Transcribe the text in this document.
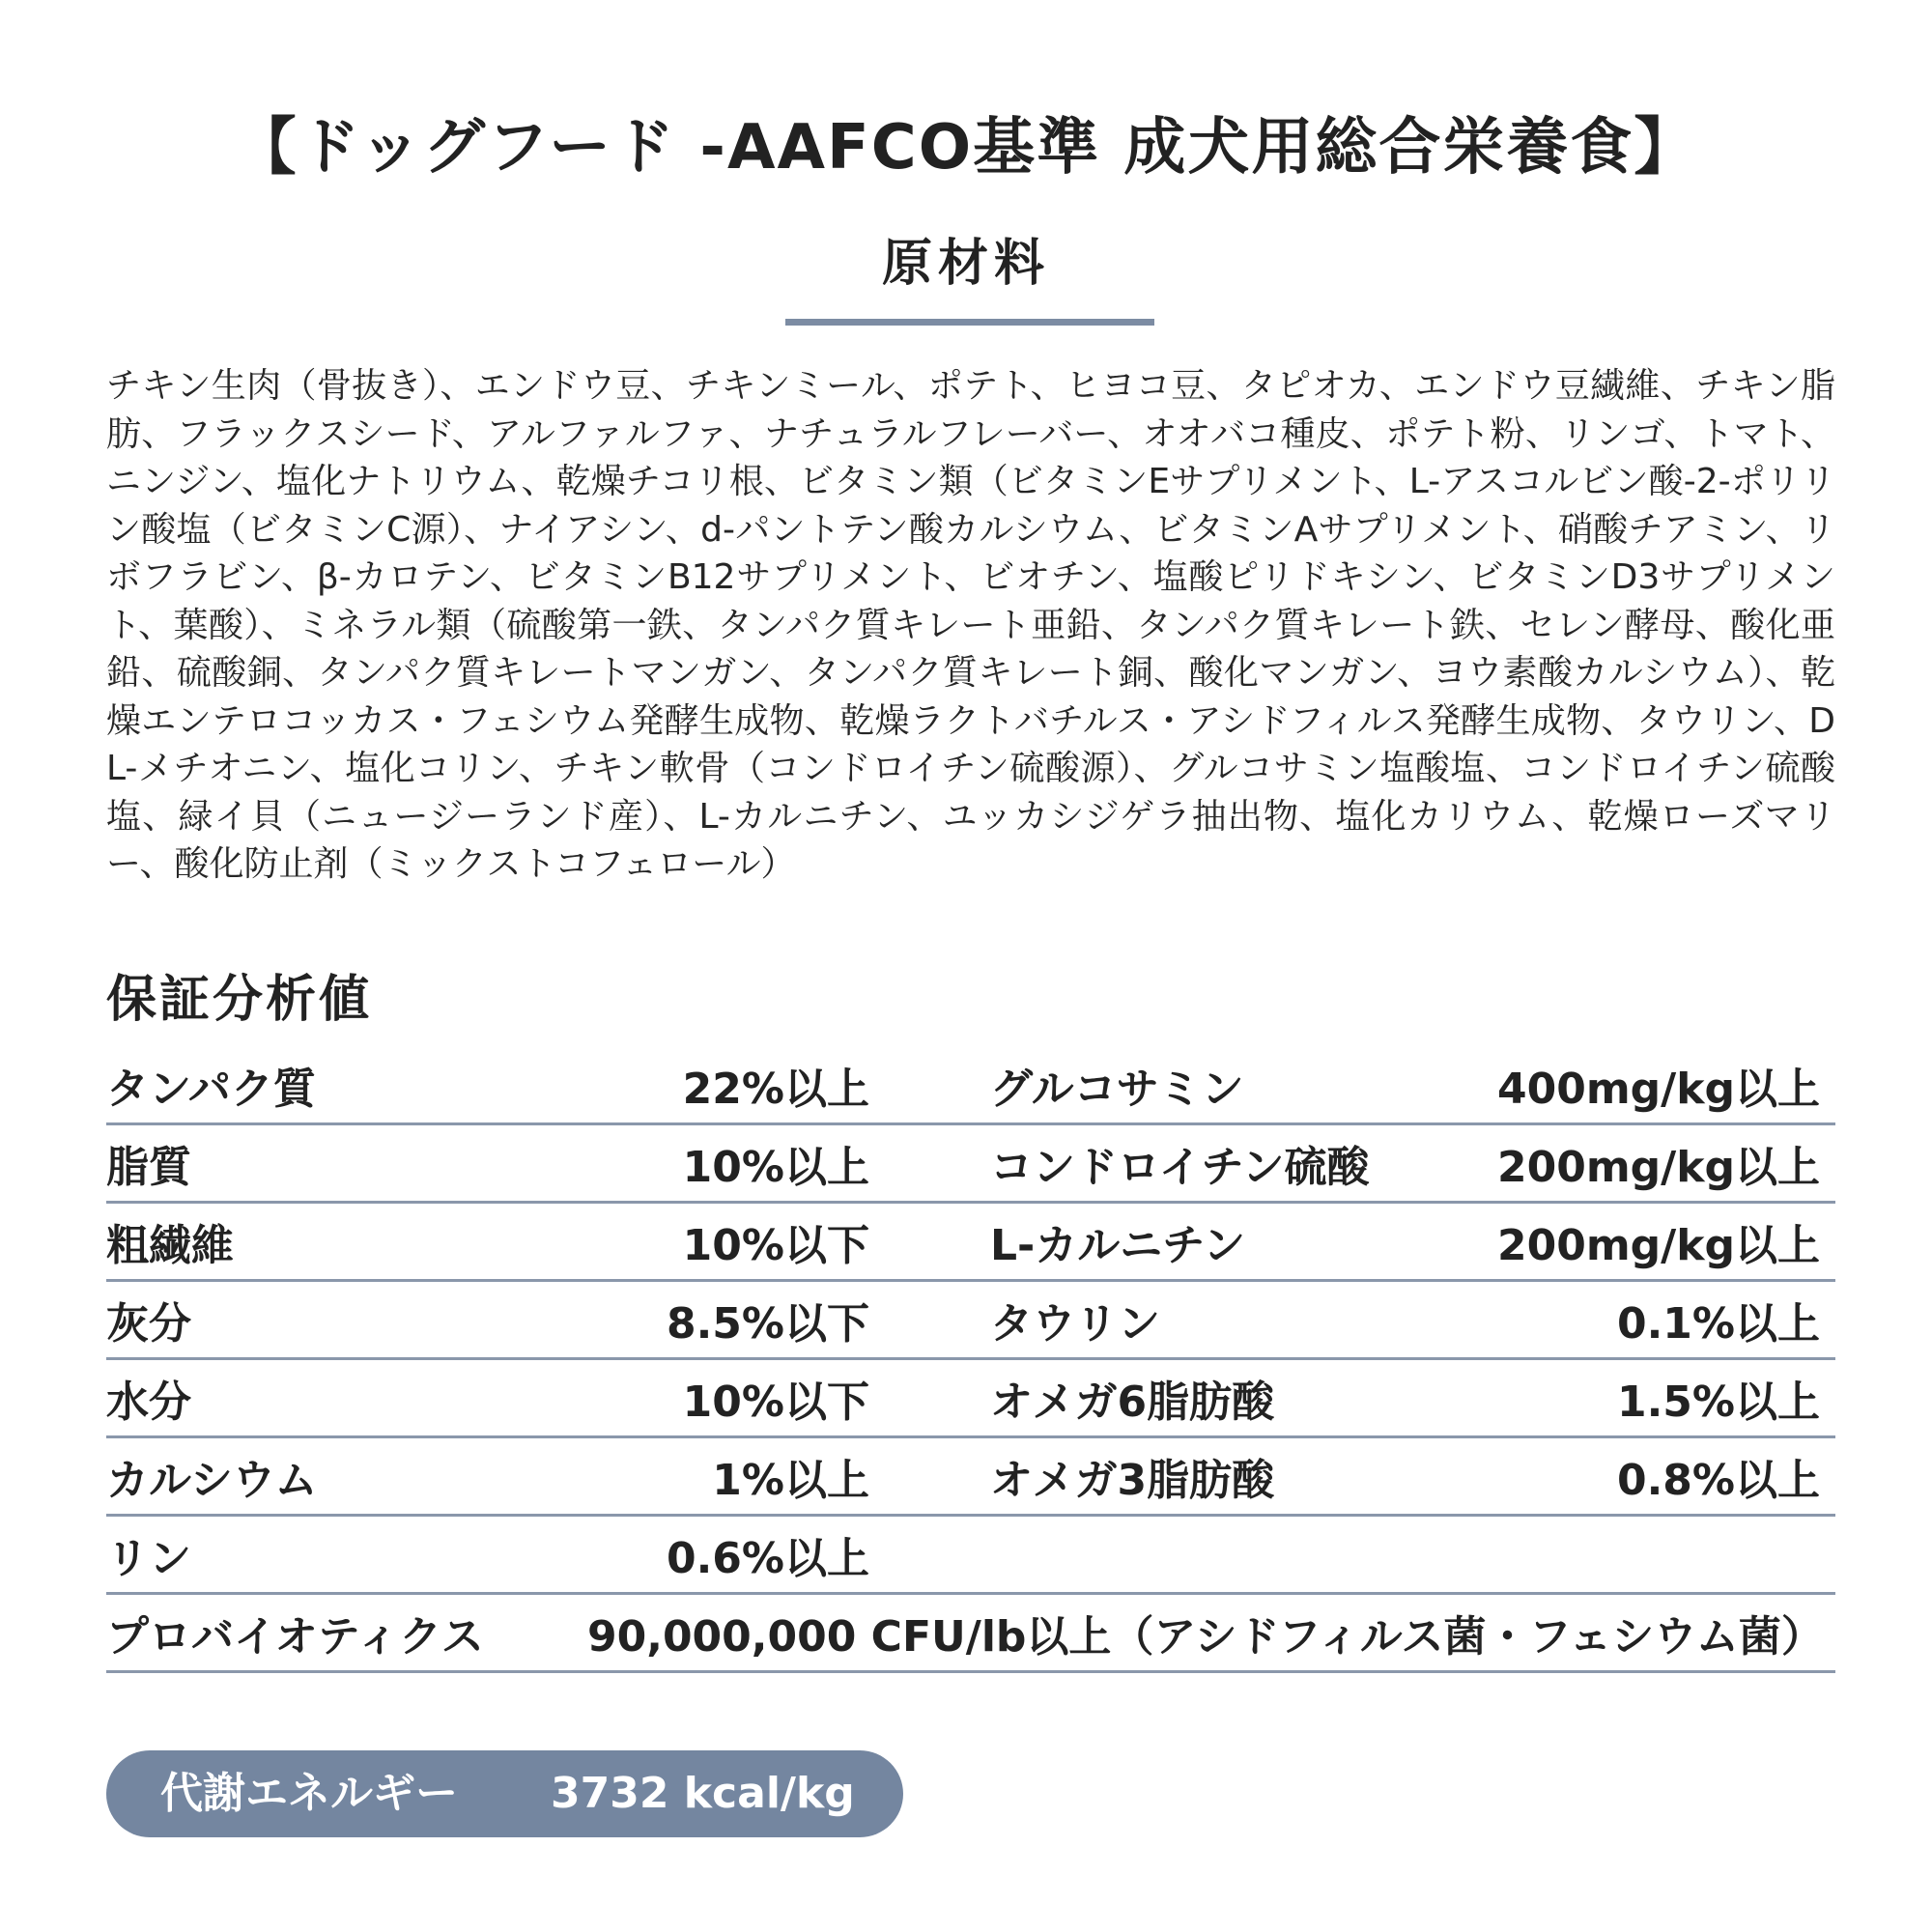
【ドッグフード -AAFCO基準 成犬用総合栄養食】
原材料
チキン生肉（骨抜き）、エンドウ豆、チキンミール、ポテト、ヒヨコ豆、タピオカ、エンドウ豆繊維、チキン脂肪、フラックスシード、アルファルファ、ナチュラルフレーバー、オオバコ種皮、ポテト粉、リンゴ、トマト、ニンジン、塩化ナトリウム、乾燥チコリ根、ビタミン類（ビタミンEサプリメント、L-アスコルビン酸-2-ポリリン酸塩（ビタミンC源）、ナイアシン、d-パントテン酸カルシウム、ビタミンAサプリメント、硝酸チアミン、リボフラビン、β-カロテン、ビタミンB12サプリメント、ビオチン、塩酸ピリドキシン、ビタミンD3サプリメント、葉酸）、ミネラル類（硫酸第一鉄、タンパク質キレート亜鉛、タンパク質キレート鉄、セレン酵母、酸化亜鉛、硫酸銅、タンパク質キレートマンガン、タンパク質キレート銅、酸化マンガン、ヨウ素酸カルシウム）、乾燥エンテロコッカス・フェシウム発酵生成物、乾燥ラクトバチルス・アシドフィルス発酵生成物、タウリン、DL-メチオニン、塩化コリン、チキン軟骨（コンドロイチン硫酸源）、グルコサミン塩酸塩、コンドロイチン硫酸塩、緑イ貝（ニュージーランド産）、L-カルニチン、ユッカシジゲラ抽出物、塩化カリウム、乾燥ローズマリー、酸化防止剤（ミックストコフェロール）
保証分析値
タンパク質	22%以上	グルコサミン	400mg/kg以上
脂質	10%以上	コンドロイチン硫酸	200mg/kg以上
粗繊維	10%以下	L-カルニチン	200mg/kg以上
灰分	8.5%以下	タウリン	0.1%以上
水分	10%以下	オメガ6脂肪酸	1.5%以上
カルシウム	1%以上	オメガ3脂肪酸	0.8%以上
リン	0.6%以上
プロバイオティクス 90,000,000 CFU/lb以上（アシドフィルス菌・フェシウム菌）
代謝エネルギー 3732 kcal/kg
